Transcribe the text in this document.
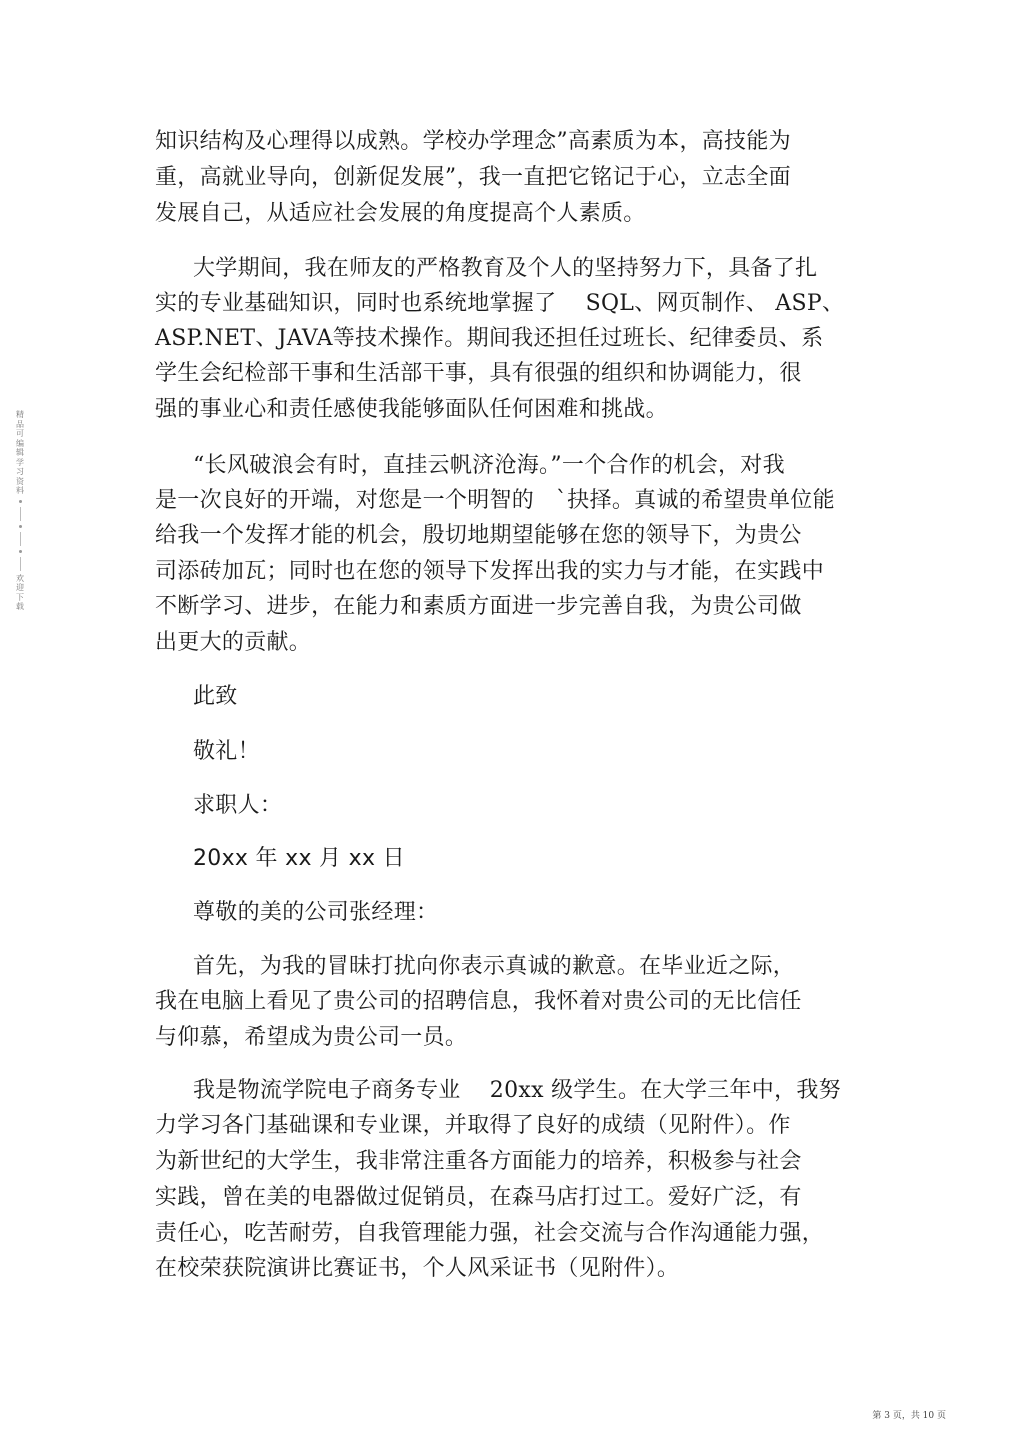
知识结构及心理得以成熟。学校办学理念”高素质为本，高技能为
重，高就业导向，创新促发展”，我一直把它铭记于心，立志全面
发展自己，从适应社会发展的角度提高个人素质。
大学期间，我在师友的严格教育及个人的坚持努力下，具备了扎
实的专业基础知识，同时也系统地掌握了    SQL、网页制作、 ASP、
ASP.NET、JAVA等技术操作。期间我还担任过班长、纪律委员、系
学生会纪检部干事和生活部干事，具有很强的组织和协调能力，很
强的事业心和责任感使我能够面队任何困难和挑战。
“长风破浪会有时，直挂云帆济沧海。”一个合作的机会，对我
是一次良好的开端，对您是一个明智的   `抉择。真诚的希望贵单位能
给我一个发挥才能的机会，殷切地期望能够在您的领导下，为贵公
司添砖加瓦；同时也在您的领导下发挥出我的实力与才能，在实践中
不断学习、进步，在能力和素质方面进一步完善自我，为贵公司做
出更大的贡献。
此致
敬礼！
求职人：
20xx 年 xx 月 xx 日
尊敬的美的公司张经理：
首先，为我的冒昧打扰向你表示真诚的歉意。在毕业近之际，
我在电脑上看见了贵公司的招聘信息，我怀着对贵公司的无比信任
与仰慕，希望成为贵公司一员。
我是物流学院电子商务专业    20xx 级学生。在大学三年中，我努
力学习各门基础课和专业课，并取得了良好的成绩（见附件）。作
为新世纪的大学生，我非常注重各方面能力的培养，积极参与社会
实践，曾在美的电器做过促销员，在森马店打过工。爱好广泛，有
责任心，吃苦耐劳，自我管理能力强，社会交流与合作沟通能力强，
在校荣获院演讲比赛证书，个人风采证书（见附件）。
精品可编辑学习资料
欢迎下载
第 3 页，共 10 页
